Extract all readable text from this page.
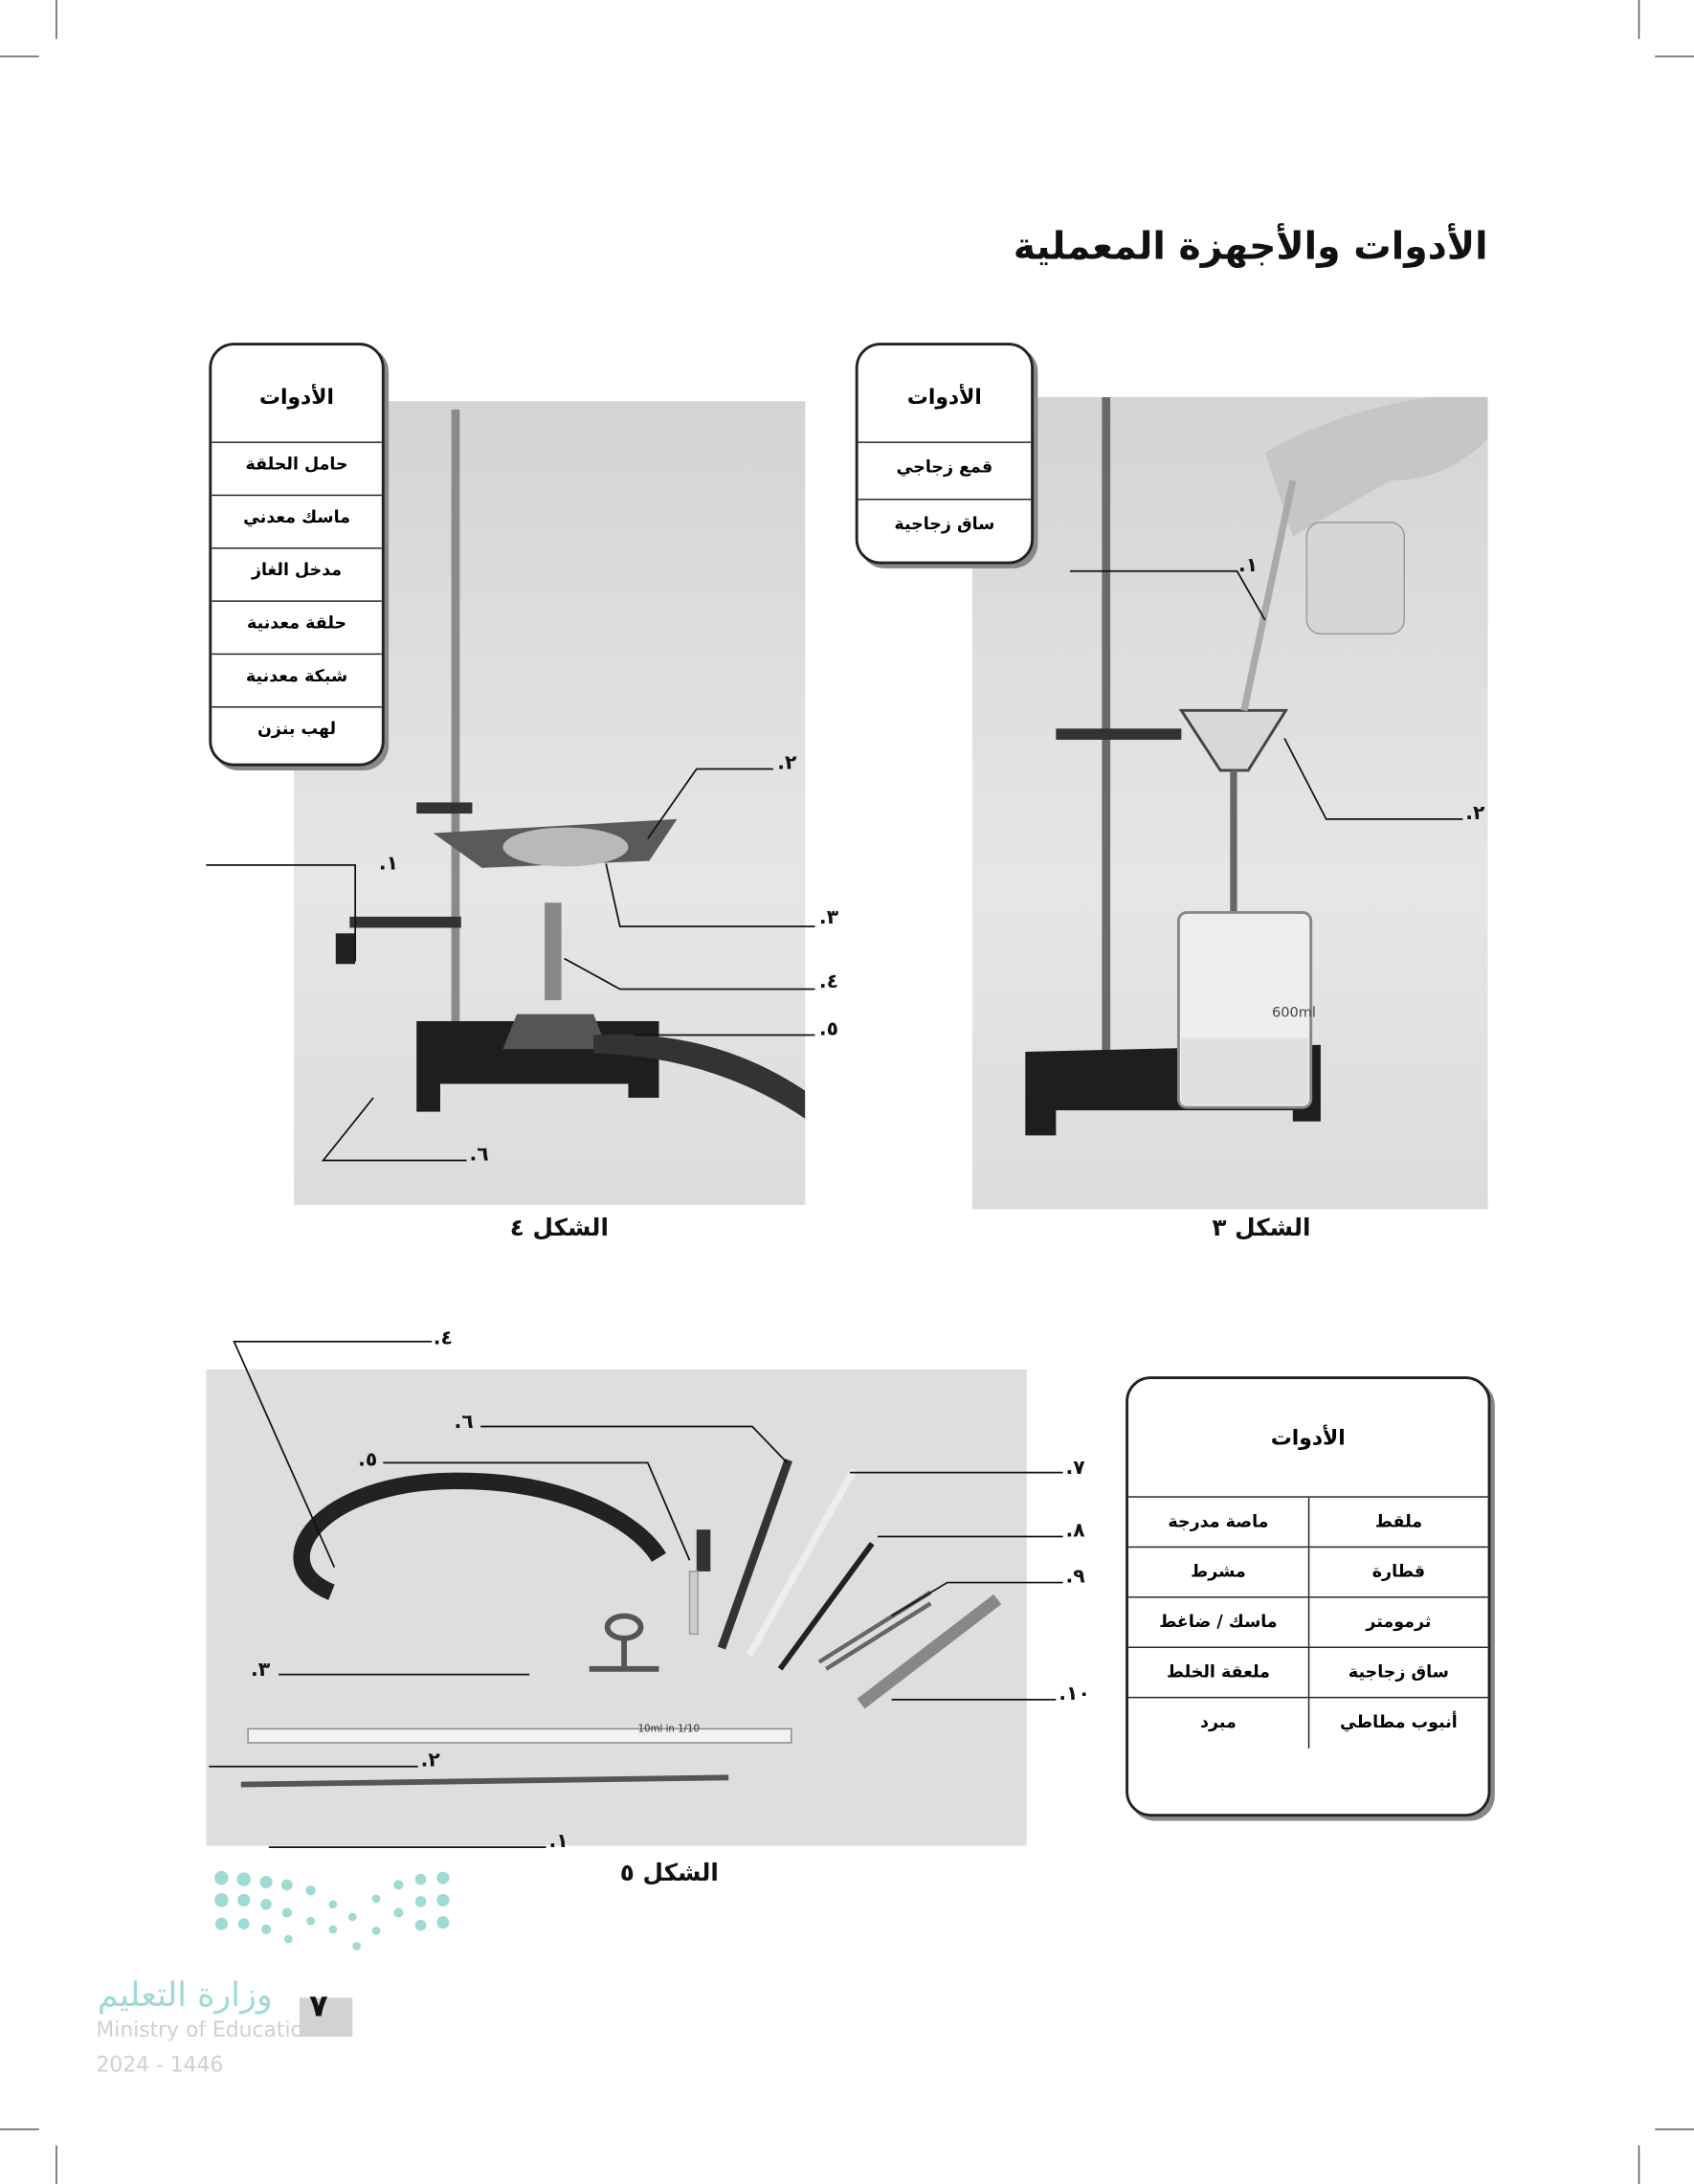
الأدوات والأجهزة المعملية
الأدوات
حامل الحلقة
ماسك معدني
مدخل الغاز
حلقة معدنية
شبكة معدنية
لهب بنزن
الشكل ٤
600ml
الأدوات
قمع زجاجي
ساق زجاجية
الشكل ٣
10ml in 1/10
الأدوات
ملقط
ماصة مدرجة
قطارة
مشرط
ثرمومتر
ماسك / ضاغط
ساق زجاجية
ملعقة الخلط
أنبوب مطاطي
مبرد
الشكل ٥
١.
٢.
٣.
٤.
٥.
٦.
١.
٢.
١.
٢.
٣.
٤.
٥.
٦.
٧.
٨.
٩.
١٠.
وزارة التعليم ٧
Ministry of Education
2024 - 1446
